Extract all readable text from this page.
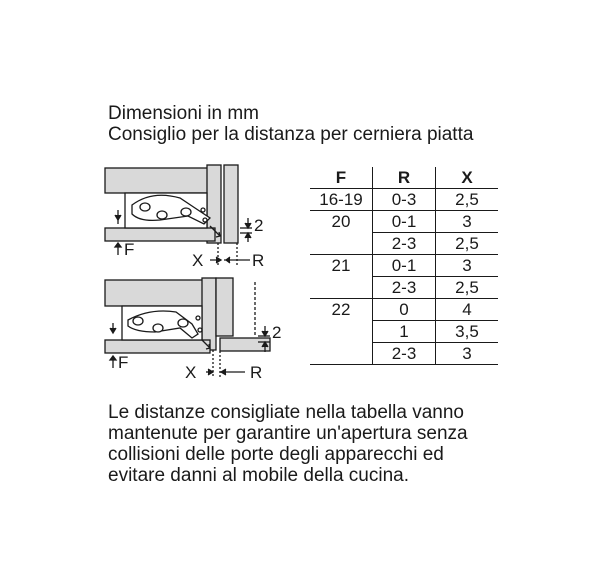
Dimensioni in mm
Consiglio per la distanza per cerniera piatta
2
F
X	R
2
F
X	R
F	R	X
16-19	0-3	2,5
20	0-1	3
	2-3	2,5
21	0-1	3
	2-3	2,5
22	0	4
	1	3,5
	2-3	3
Le distanze consigliate nella tabella vanno
mantenute per garantire un'apertura senza
collisioni delle porte degli apparecchi ed
evitare danni al mobile della cucina.
